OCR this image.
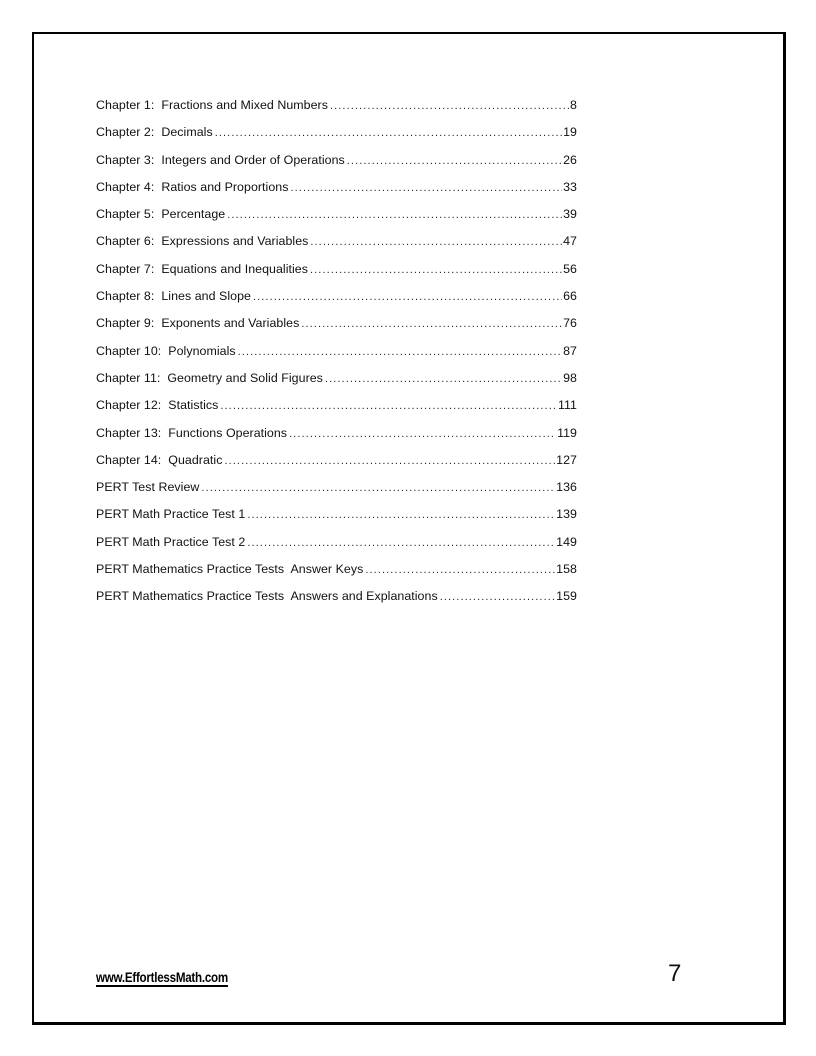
Chapter 1:  Fractions and Mixed Numbers .....	8
Chapter 2:  Decimals .....	19
Chapter 3:  Integers and Order of Operations .....	26
Chapter 4:  Ratios and Proportions .....	33
Chapter 5:  Percentage .....	39
Chapter 6:  Expressions and Variables .....	47
Chapter 7:  Equations and Inequalities .....	56
Chapter 8:  Lines and Slope .....	66
Chapter 9:  Exponents and Variables .....	76
Chapter 10:  Polynomials .....	87
Chapter 11:  Geometry and Solid Figures .....	98
Chapter 12:  Statistics .....	111
Chapter 13:  Functions Operations .....	119
Chapter 14:  Quadratic .....	127
PERT Test Review .....	136
PERT Math Practice Test 1 .....	139
PERT Math Practice Test 2 .....	149
PERT Mathematics Practice Tests  Answer Keys .....	158
PERT Mathematics Practice Tests  Answers and Explanations .....	159
www.EffortlessMath.com	7
